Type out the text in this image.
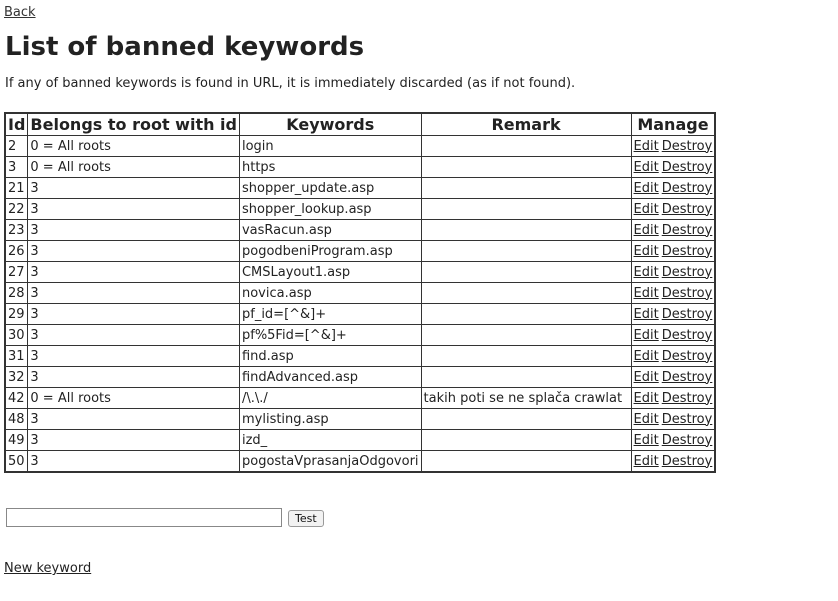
Back
List of banned keywords

If any of banned keywords is found in URL, it is immediately discarded (as if not found).

Id	Belongs to root with id	Keywords	Remark	Manage
2	0 = All roots	login		Edit Destroy
3	0 = All roots	https		Edit Destroy
21	3	shopper_update.asp		Edit Destroy
22	3	shopper_lookup.asp		Edit Destroy
23	3	vasRacun.asp		Edit Destroy
26	3	pogodbeniProgram.asp		Edit Destroy
27	3	CMSLayout1.asp		Edit Destroy
28	3	novica.asp		Edit Destroy
29	3	pf_id=[^&]+		Edit Destroy
30	3	pf%5Fid=[^&]+		Edit Destroy
31	3	find.asp		Edit Destroy
32	3	findAdvanced.asp		Edit Destroy
42	0 = All roots	/\.\./	takih poti se ne splača crawlat	Edit Destroy
48	3	mylisting.asp		Edit Destroy
49	3	izd_		Edit Destroy
50	3	pogostaVprasanjaOdgovori		Edit Destroy
Test
New keyword
